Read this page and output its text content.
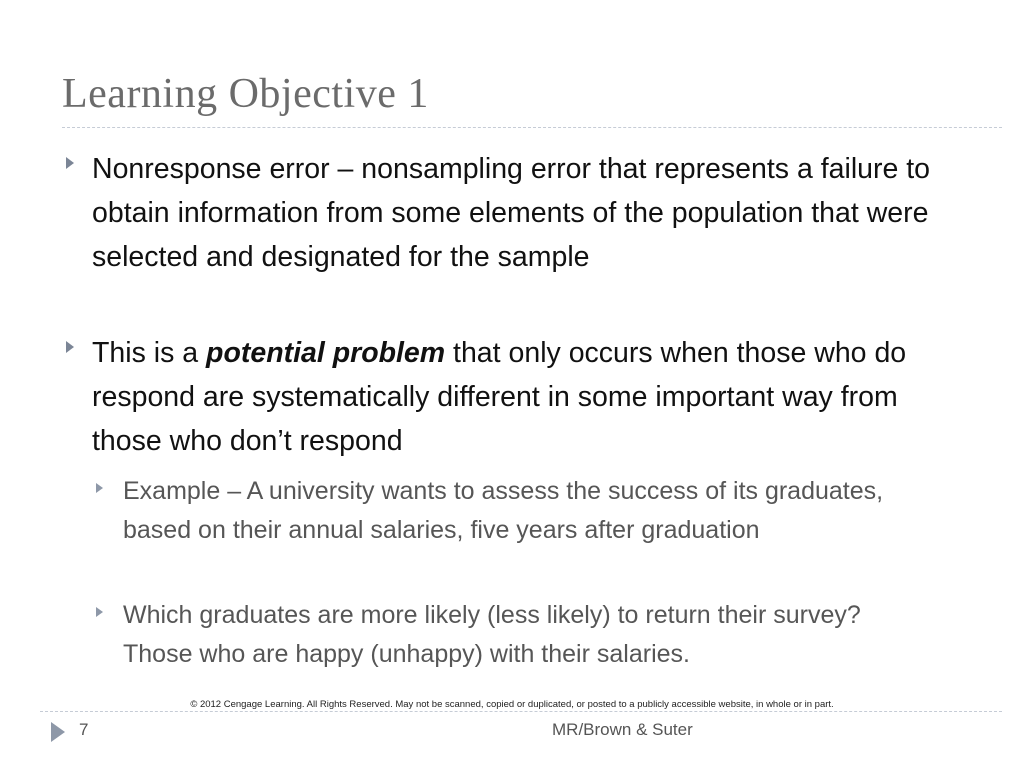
Learning Objective 1
Nonresponse error – nonsampling error that represents a failure to obtain information from some elements of the population that were selected and designated for the sample
This is a potential problem that only occurs when those who do respond are systematically different in some important way from those who don’t respond
Example – A university wants to assess the success of its graduates, based on their annual salaries, five years after graduation
Which graduates are more likely (less likely) to return their survey? Those who are happy (unhappy) with their salaries.
© 2012 Cengage Learning. All Rights Reserved. May not be scanned, copied or duplicated, or posted to a publicly accessible website, in whole or in part.
7	MR/Brown & Suter
